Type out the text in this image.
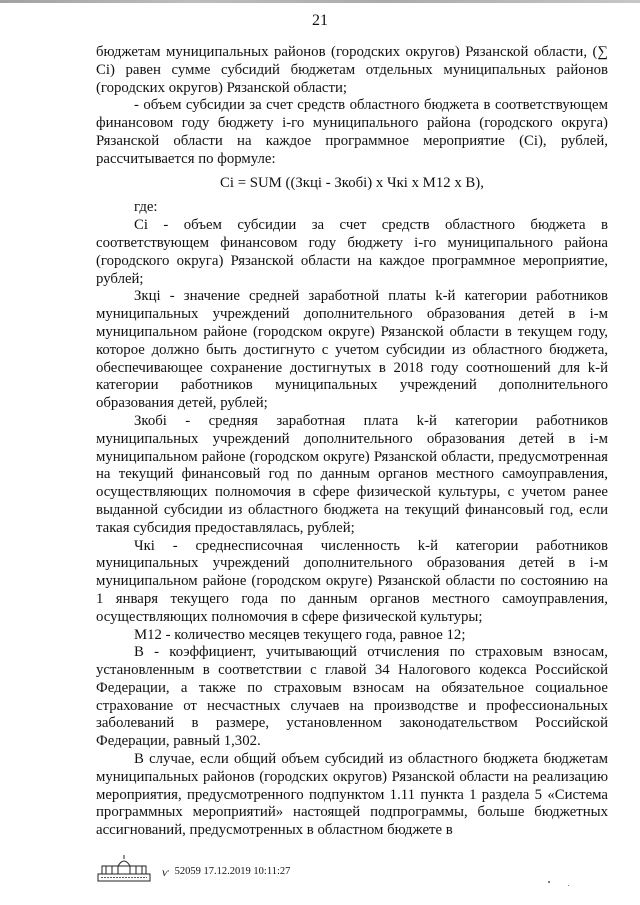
21

бюджетам муниципальных районов (городских округов) Рязанской области, (∑ Ci) равен сумме субсидий бюджетам отдельных муниципальных районов (городских округов) Рязанской области;

- объем субсидии за счет средств областного бюджета в соответствующем финансовом году бюджету i-го муниципального района (городского округа) Рязанской области на каждое программное мероприятие (Ci), рублей, рассчитывается по формуле:

Ci = SUM ((Зкці - Зкобі) х Чкі х М12 х В),

где:

Ci - объем субсидии за счет средств областного бюджета в соответствующем финансовом году бюджету i-го муниципального района (городского округа) Рязанской области на каждое программное мероприятие, рублей;

Зкці - значение средней заработной платы k-й категории работников муниципальных учреждений дополнительного образования детей в i-м муниципальном районе (городском округе) Рязанской области в текущем году, которое должно быть достигнуто с учетом субсидии из областного бюджета, обеспечивающее сохранение достигнутых в 2018 году соотношений для k-й категории работников муниципальных учреждений дополнительного образования детей, рублей;

Зкобі - средняя заработная плата k-й категории работников муниципальных учреждений дополнительного образования детей в i-м муниципальном районе (городском округе) Рязанской области, предусмотренная на текущий финансовый год по данным органов местного самоуправления, осуществляющих полномочия в сфере физической культуры, с учетом ранее выданной субсидии из областного бюджета на текущий финансовый год, если такая субсидия предоставлялась, рублей;

Чкі - среднесписочная численность k-й категории работников муниципальных учреждений дополнительного образования детей в i-м муниципальном районе (городском округе) Рязанской области по состоянию на 1 января текущего года по данным органов местного самоуправления, осуществляющих полномочия в сфере физической культуры;

М12 - количество месяцев текущего года, равное 12;

В - коэффициент, учитывающий отчисления по страховым взносам, установленным в соответствии с главой 34 Налогового кодекса Российской Федерации, а также по страховым взносам на обязательное социальное страхование от несчастных случаев на производстве и профессиональных заболеваний в размере, установленном законодательством Российской Федерации, равный 1,302.

В случае, если общий объем субсидий из областного бюджета бюджетам муниципальных районов (городских округов) Рязанской области на реализацию мероприятия, предусмотренного подпунктом 1.11 пункта 1 раздела 5 «Система программных мероприятий» настоящей подпрограммы, больше бюджетных ассигнований, предусмотренных в областном бюджете в

ѵ 52059 17.12.2019 10:11:27
